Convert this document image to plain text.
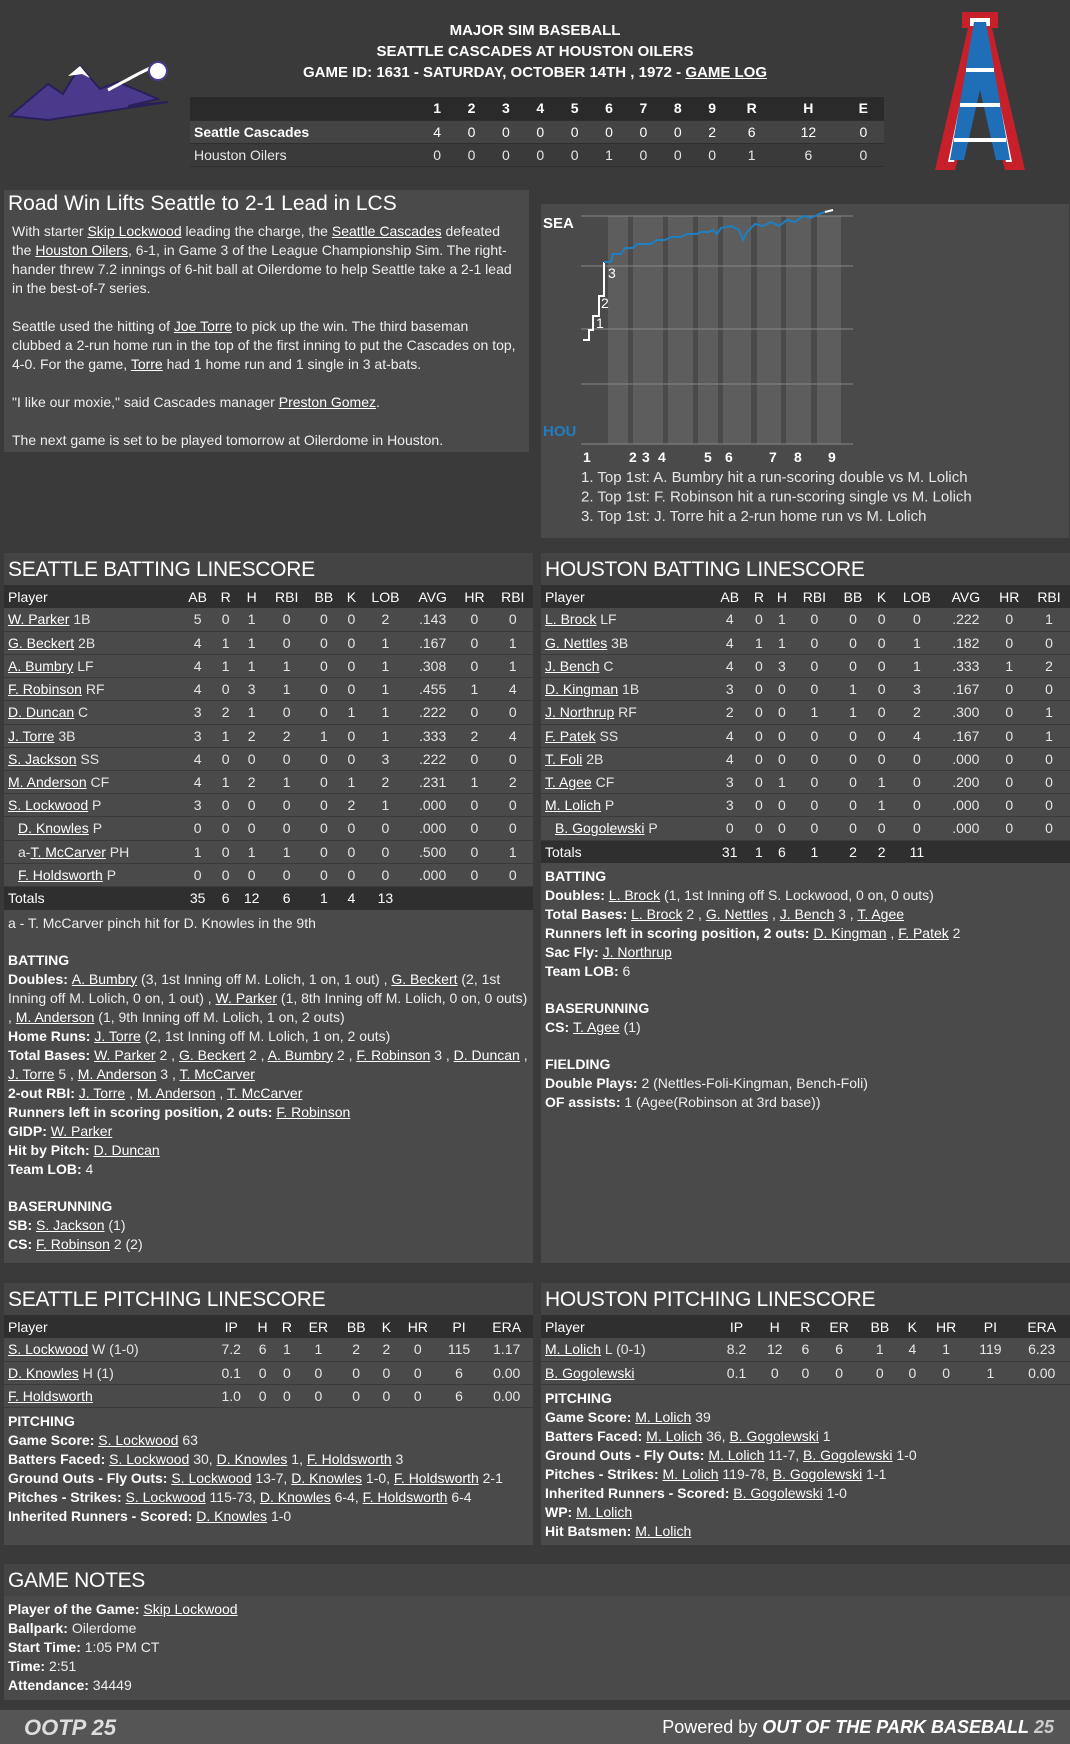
MAJOR SIM BASEBALL
SEATTLE CASCADES AT HOUSTON OILERS
GAME ID: 1631 - SATURDAY, OCTOBER 14TH , 1972 - GAME LOG
	1	2	3	4	5	6	7	8	9	R	H	E
Seattle Cascades	4	0	0	0	0	0	0	0	2	6	12	0
Houston Oilers	0	0	0	0	0	1	0	0	0	1	6	0
Road Win Lifts Seattle to 2-1 Lead in LCS

With starter Skip Lockwood leading the charge, the Seattle Cascades defeated the Houston Oilers, 6-1, in Game 3 of the League Championship Sim. The right-hander threw 7.2 innings of 6-hit ball at Oilerdome to help Seattle take a 2-1 lead in the best-of-7 series.

Seattle used the hitting of Joe Torre to pick up the win. The third baseman clubbed a 2-run home run in the top of the first inning to put the Cascades on top, 4-0. For the game, Torre had 1 home run and 1 single in 3 at-bats.

"I like our moxie," said Cascades manager Preston Gomez.

The next game is set to be played tomorrow at Oilerdome in Houston.

SEA
HOU
1
2
3
1	2 3 4	5 6	7 8 9
1. Top 1st: A. Bumbry hit a run-scoring double vs M. Lolich
2. Top 1st: F. Robinson hit a run-scoring single vs M. Lolich
3. Top 1st: J. Torre hit a 2-run home run vs M. Lolich
SEATTLE BATTING LINESCORE
Player	AB	R	H	RBI	BB	K	LOB	AVG	HR	RBI
W. Parker 1B	5	0	1	0	0	0	2	.143	0	0
G. Beckert 2B	4	1	1	0	0	0	1	.167	0	1
A. Bumbry LF	4	1	1	1	0	0	1	.308	0	1
F. Robinson RF	4	0	3	1	0	0	1	.455	1	4
D. Duncan C	3	2	1	0	0	1	1	.222	0	0
J. Torre 3B	3	1	2	2	1	0	1	.333	2	4
S. Jackson SS	4	0	0	0	0	0	3	.222	0	0
M. Anderson CF	4	1	2	1	0	1	2	.231	1	2
S. Lockwood P	3	0	0	0	0	2	1	.000	0	0
D. Knowles P	0	0	0	0	0	0	0	.000	0	0
a-T. McCarver PH	1	0	1	1	0	0	0	.500	0	1
F. Holdsworth P	0	0	0	0	0	0	0	.000	0	0
Totals	35	6	12	6	1	4	13			
a - T. McCarver pinch hit for D. Knowles in the 9th
BATTING
Doubles: A. Bumbry (3, 1st Inning off M. Lolich, 1 on, 1 out) , G. Beckert (2, 1st Inning off M. Lolich, 0 on, 1 out) , W. Parker (1, 8th Inning off M. Lolich, 0 on, 0 outs) , M. Anderson (1, 9th Inning off M. Lolich, 1 on, 2 outs)
Home Runs: J. Torre (2, 1st Inning off M. Lolich, 1 on, 2 outs)
Total Bases: W. Parker 2 , G. Beckert 2 , A. Bumbry 2 , F. Robinson 3 , D. Duncan , J. Torre 5 , M. Anderson 3 , T. McCarver
2-out RBI: J. Torre , M. Anderson , T. McCarver
Runners left in scoring position, 2 outs: F. Robinson
GIDP: W. Parker
Hit by Pitch: D. Duncan
Team LOB: 4
BASERUNNING
SB: S. Jackson (1)
CS: F. Robinson 2 (2)
HOUSTON BATTING LINESCORE
Player	AB	R	H	RBI	BB	K	LOB	AVG	HR	RBI
L. Brock LF	4	0	1	0	0	0	0	.222	0	1
G. Nettles 3B	4	1	1	0	0	0	1	.182	0	0
J. Bench C	4	0	3	0	0	0	1	.333	1	2
D. Kingman 1B	3	0	0	0	1	0	3	.167	0	0
J. Northrup RF	2	0	0	1	1	0	2	.300	0	1
F. Patek SS	4	0	0	0	0	0	4	.167	0	1
T. Foli 2B	4	0	0	0	0	0	0	.000	0	0
T. Agee CF	3	0	1	0	0	1	0	.200	0	0
M. Lolich P	3	0	0	0	0	1	0	.000	0	0
B. Gogolewski P	0	0	0	0	0	0	0	.000	0	0
Totals	31	1	6	1	2	2	11			
BATTING
Doubles: L. Brock (1, 1st Inning off S. Lockwood, 0 on, 0 outs)
Total Bases: L. Brock 2 , G. Nettles , J. Bench 3 , T. Agee
Runners left in scoring position, 2 outs: D. Kingman , F. Patek 2
Sac Fly: J. Northrup
Team LOB: 6
BASERUNNING
CS: T. Agee (1)
FIELDING
Double Plays: 2 (Nettles-Foli-Kingman, Bench-Foli)
OF assists: 1 (Agee(Robinson at 3rd base))
SEATTLE PITCHING LINESCORE
Player	IP	H	R	ER	BB	K	HR	PI	ERA
S. Lockwood W (1-0)	7.2	6	1	1	2	2	0	115	1.17
D. Knowles H (1)	0.1	0	0	0	0	0	0	6	0.00
F. Holdsworth	1.0	0	0	0	0	0	0	6	0.00
PITCHING
Game Score: S. Lockwood 63
Batters Faced: S. Lockwood 30, D. Knowles 1, F. Holdsworth 3
Ground Outs - Fly Outs: S. Lockwood 13-7, D. Knowles 1-0, F. Holdsworth 2-1
Pitches - Strikes: S. Lockwood 115-73, D. Knowles 6-4, F. Holdsworth 6-4
Inherited Runners - Scored: D. Knowles 1-0
HOUSTON PITCHING LINESCORE
Player	IP	H	R	ER	BB	K	HR	PI	ERA
M. Lolich L (0-1)	8.2	12	6	6	1	4	1	119	6.23
B. Gogolewski	0.1	0	0	0	0	0	0	1	0.00
PITCHING
Game Score: M. Lolich 39
Batters Faced: M. Lolich 36, B. Gogolewski 1
Ground Outs - Fly Outs: M. Lolich 11-7, B. Gogolewski 1-0
Pitches - Strikes: M. Lolich 119-78, B. Gogolewski 1-1
Inherited Runners - Scored: B. Gogolewski 1-0
WP: M. Lolich
Hit Batsmen: M. Lolich
GAME NOTES
Player of the Game: Skip Lockwood
Ballpark: Oilerdome
Start Time: 1:05 PM CT
Time: 2:51
Attendance: 34449
OOTP 25	Powered by OUT OF THE PARK BASEBALL 25
